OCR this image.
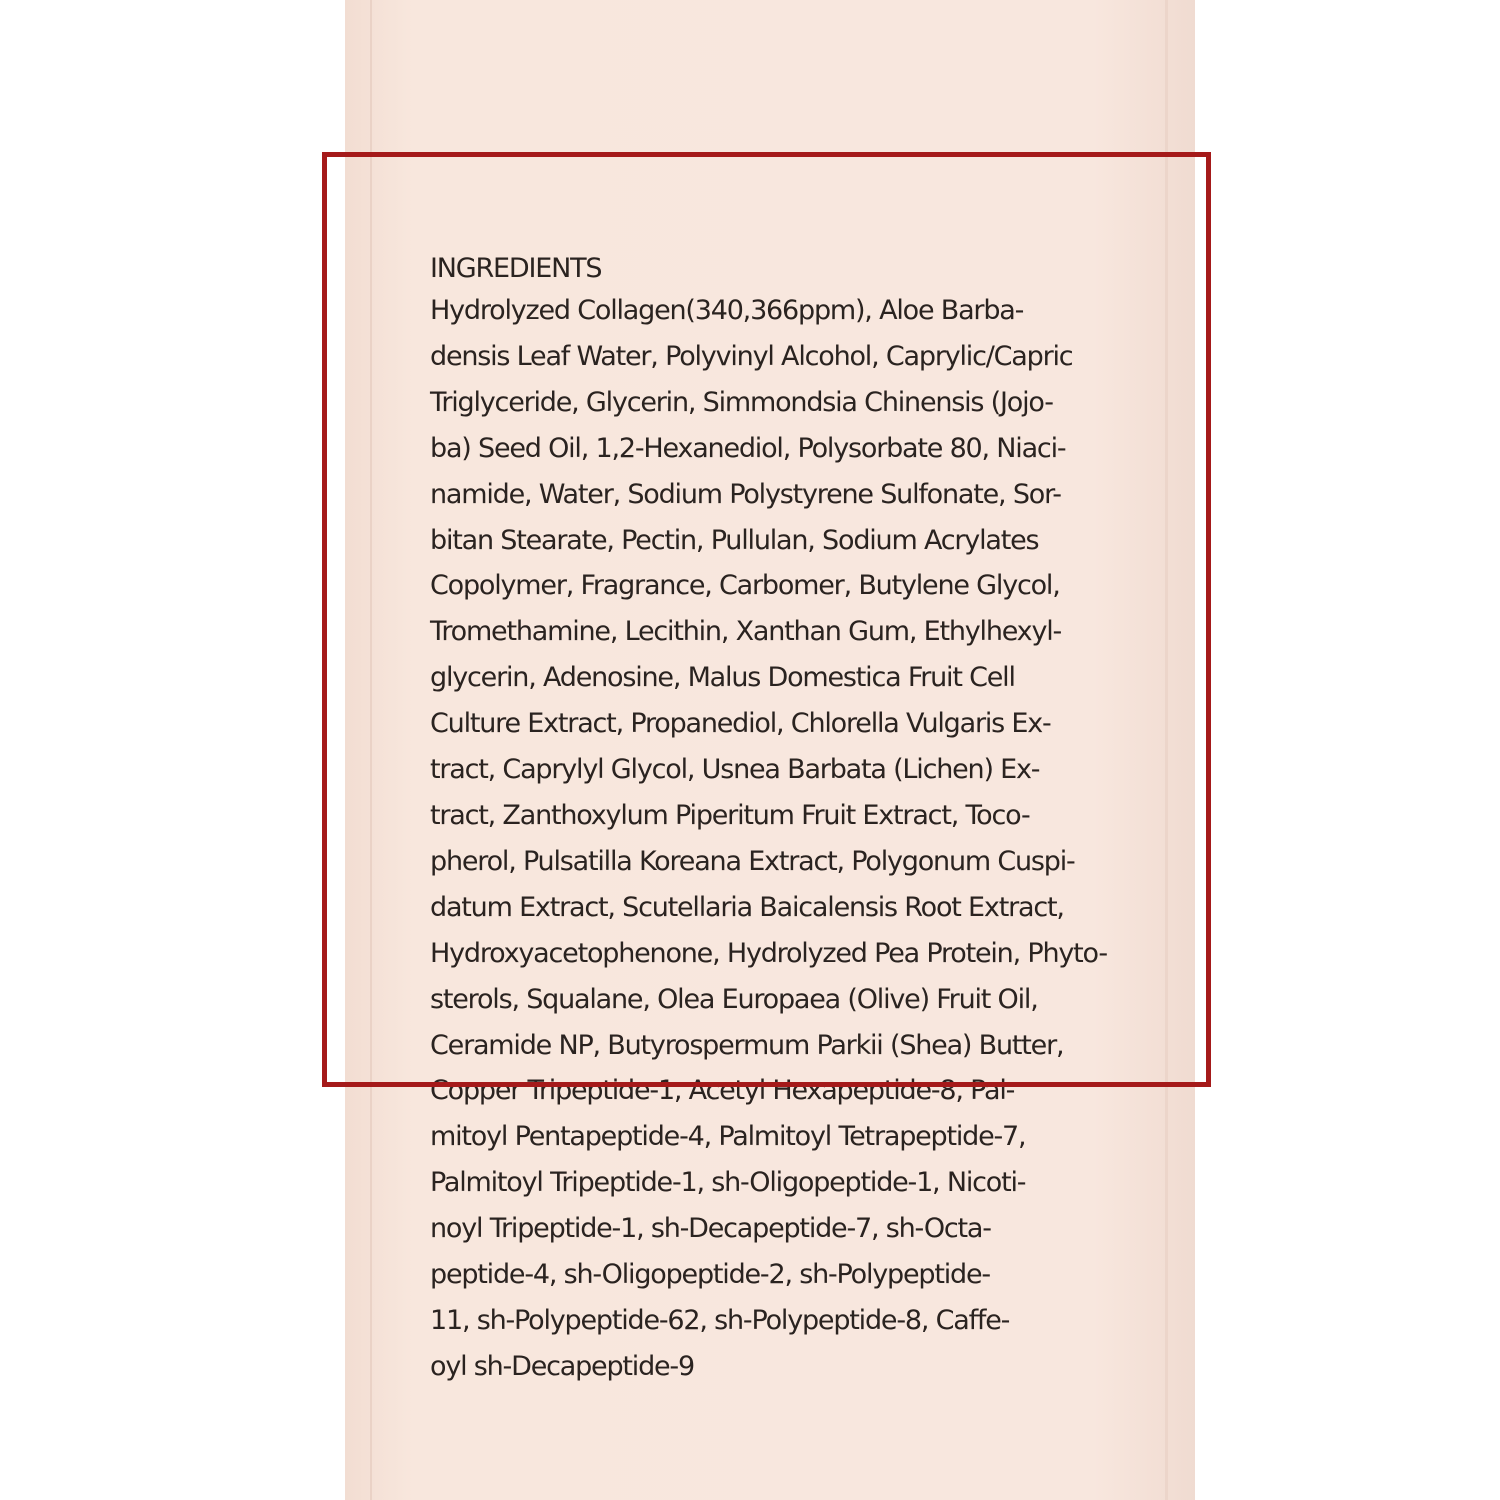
INGREDIENTS
Hydrolyzed Collagen(340,366ppm), Aloe Barba-
densis Leaf Water, Polyvinyl Alcohol, Caprylic/Capric
Triglyceride, Glycerin, Simmondsia Chinensis (Jojo-
ba) Seed Oil, 1,2-Hexanediol, Polysorbate 80, Niaci-
namide, Water, Sodium Polystyrene Sulfonate, Sor-
bitan Stearate, Pectin, Pullulan, Sodium Acrylates
Copolymer, Fragrance, Carbomer, Butylene Glycol,
Tromethamine, Lecithin, Xanthan Gum, Ethylhexyl-
glycerin, Adenosine, Malus Domestica Fruit Cell
Culture Extract, Propanediol, Chlorella Vulgaris Ex-
tract, Caprylyl Glycol, Usnea Barbata (Lichen) Ex-
tract, Zanthoxylum Piperitum Fruit Extract, Toco-
pherol, Pulsatilla Koreana Extract, Polygonum Cuspi-
datum Extract, Scutellaria Baicalensis Root Extract,
Hydroxyacetophenone, Hydrolyzed Pea Protein, Phyto-
sterols, Squalane, Olea Europaea (Olive) Fruit Oil,
Ceramide NP, Butyrospermum Parkii (Shea) Butter,
Copper Tripeptide-1, Acetyl Hexapeptide-8, Pal-
mitoyl Pentapeptide-4, Palmitoyl Tetrapeptide-7,
Palmitoyl Tripeptide-1, sh-Oligopeptide-1, Nicoti-
noyl Tripeptide-1, sh-Decapeptide-7, sh-Octa-
peptide-4, sh-Oligopeptide-2, sh-Polypeptide-
11, sh-Polypeptide-62, sh-Polypeptide-8, Caffe-
oyl sh-Decapeptide-9
